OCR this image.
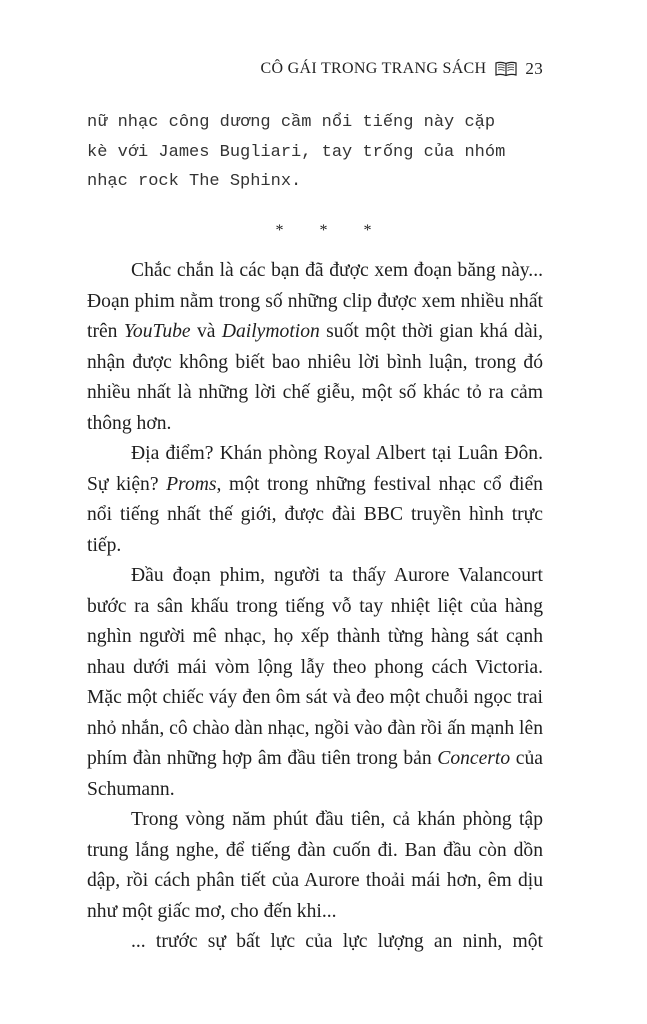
CÔ GÁI TRONG TRANG SÁCH 23

nữ nhạc công dương cầm nổi tiếng này cặp

kè với James Bugliari, tay trống của nhóm

nhạc rock The Sphinx.

* * *

Chắc chắn là các bạn đã được xem đoạn băng này... Đoạn phim nằm trong số những clip được xem nhiều nhất trên YouTube và Dailymotion suốt một thời gian khá dài, nhận được không biết bao nhiêu lời bình luận, trong đó nhiều nhất là những lời chế giễu, một số khác tỏ ra cảm thông hơn.

Địa điểm? Khán phòng Royal Albert tại Luân Đôn. Sự kiện? Proms, một trong những festival nhạc cổ điển nổi tiếng nhất thế giới, được đài BBC truyền hình trực tiếp.

Đầu đoạn phim, người ta thấy Aurore Valancourt bước ra sân khấu trong tiếng vỗ tay nhiệt liệt của hàng nghìn người mê nhạc, họ xếp thành từng hàng sát cạnh nhau dưới mái vòm lộng lẫy theo phong cách Victoria. Mặc một chiếc váy đen ôm sát và đeo một chuỗi ngọc trai nhỏ nhắn, cô chào dàn nhạc, ngồi vào đàn rồi ấn mạnh lên phím đàn những hợp âm đầu tiên trong bản Concerto của Schumann.

Trong vòng năm phút đầu tiên, cả khán phòng tập trung lắng nghe, để tiếng đàn cuốn đi. Ban đầu còn dồn dập, rồi cách phân tiết của Aurore thoải mái hơn, êm dịu như một giấc mơ, cho đến khi...

... trước sự bất lực của lực lượng an ninh, một
